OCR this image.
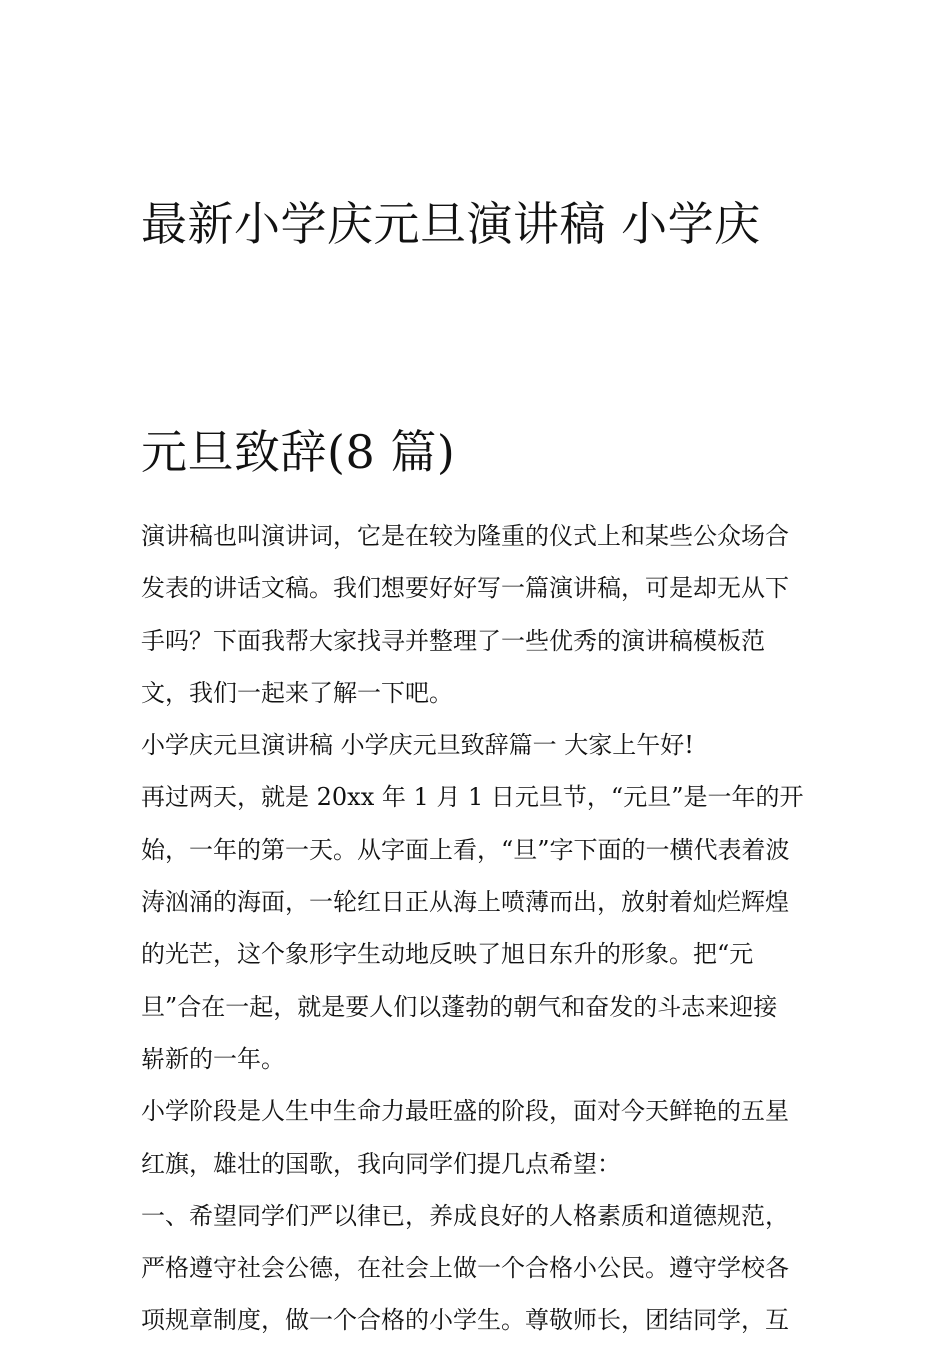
最新小学庆元旦演讲稿 小学庆

元旦致辞(8 篇)

演讲稿也叫演讲词，它是在较为隆重的仪式上和某些公众场合
发表的讲话文稿。我们想要好好写一篇演讲稿，可是却无从下
手吗？下面我帮大家找寻并整理了一些优秀的演讲稿模板范
文，我们一起来了解一下吧。

小学庆元旦演讲稿 小学庆元旦致辞篇一 大家上午好!

再过两天，就是 20xx 年 1 月 1 日元旦节，“元旦”是一年的开
始，一年的第一天。从字面上看，“旦”字下面的一横代表着波
涛汹涌的海面，一轮红日正从海上喷薄而出，放射着灿烂辉煌
的光芒，这个象形字生动地反映了旭日东升的形象。把“元
旦”合在一起，就是要人们以蓬勃的朝气和奋发的斗志来迎接
崭新的一年。

小学阶段是人生中生命力最旺盛的阶段，面对今天鲜艳的五星
红旗，雄壮的国歌，我向同学们提几点希望：

一、希望同学们严以律已，养成良好的人格素质和道德规范，
严格遵守社会公德，在社会上做一个合格小公民。遵守学校各
项规章制度，做一个合格的小学生。尊敬师长，团结同学，互
